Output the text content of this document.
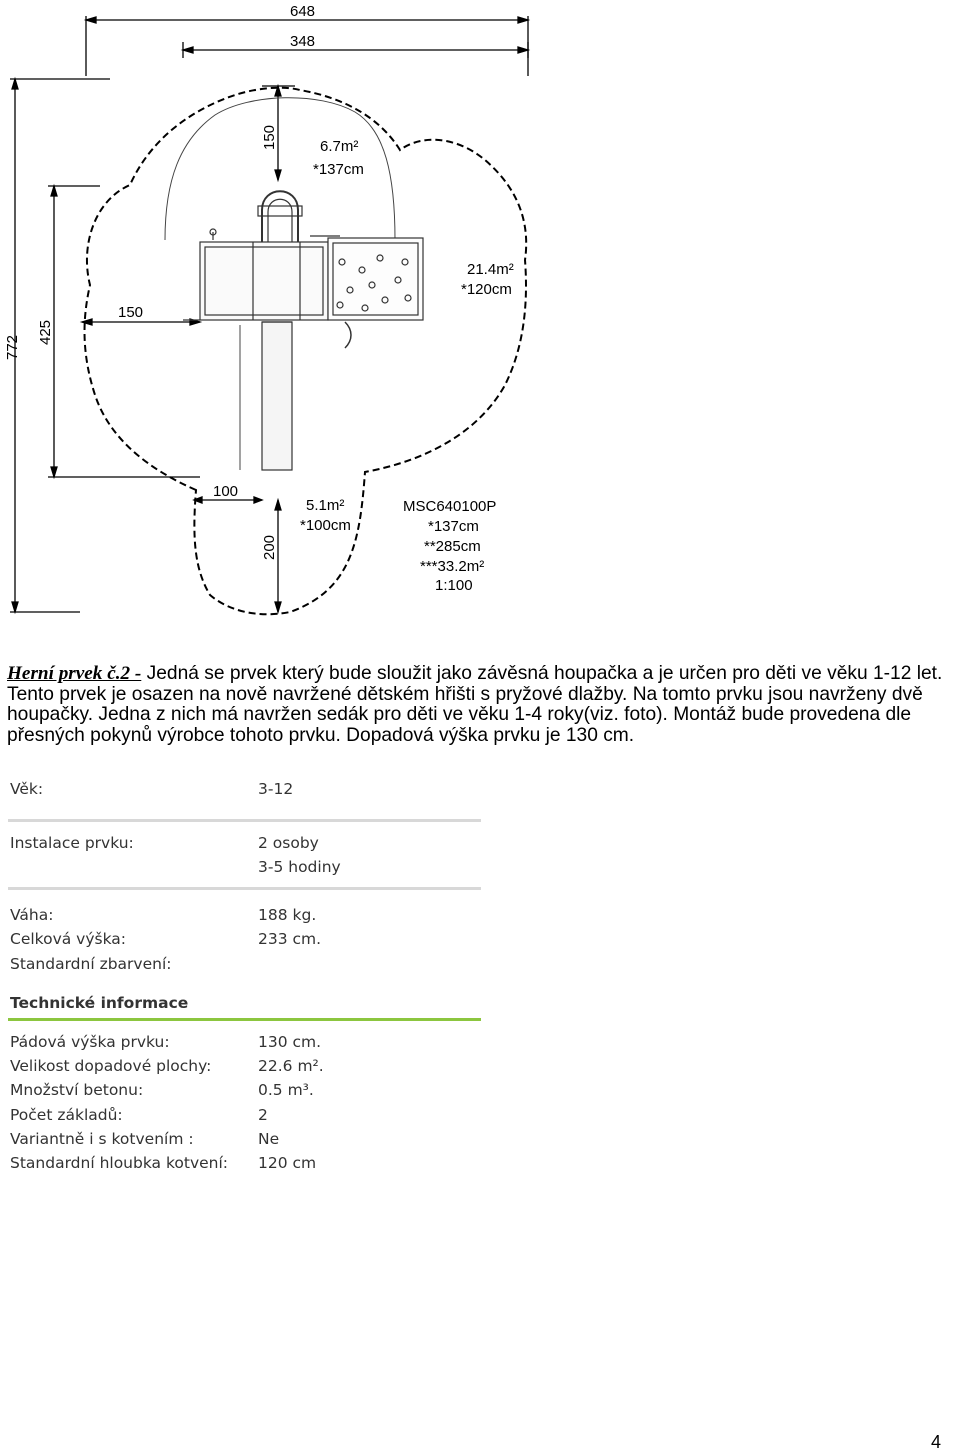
648
348
772
425
150
150
100
200
6.7m²
*137cm
21.4m²
*120cm
5.1m²
*100cm
MSC640100P
*137cm
**285cm
***33.2m²
1:100
Herní prvek č.2 - Jedná se prvek který bude sloužit jako závěsná houpačka a je určen pro děti ve věku 1-12 let. Tento prvek je osazen na nově navržené dětském hřišti s pryžové dlažby. Na tomto prvku jsou navrženy dvě houpačky. Jedna z nich má navržen sedák pro děti ve věku 1-4 roky(viz. foto). Montáž bude provedena dle přesných pokynů výrobce tohoto prvku. Dopadová výška prvku je 130 cm.
Věk:	3-12
Instalace prvku:	2 osoby
3-5 hodiny
Váha:	188 kg.
Celková výška:	233 cm.
Standardní zbarvení:
Technické informace
Pádová výška prvku:	130 cm.
Velikost dopadové plochy:	22.6 m².
Množství betonu:	0.5 m³.
Počet základů:	2
Variantně i s kotvením :	Ne
Standardní hloubka kotvení: 120 cm
4
